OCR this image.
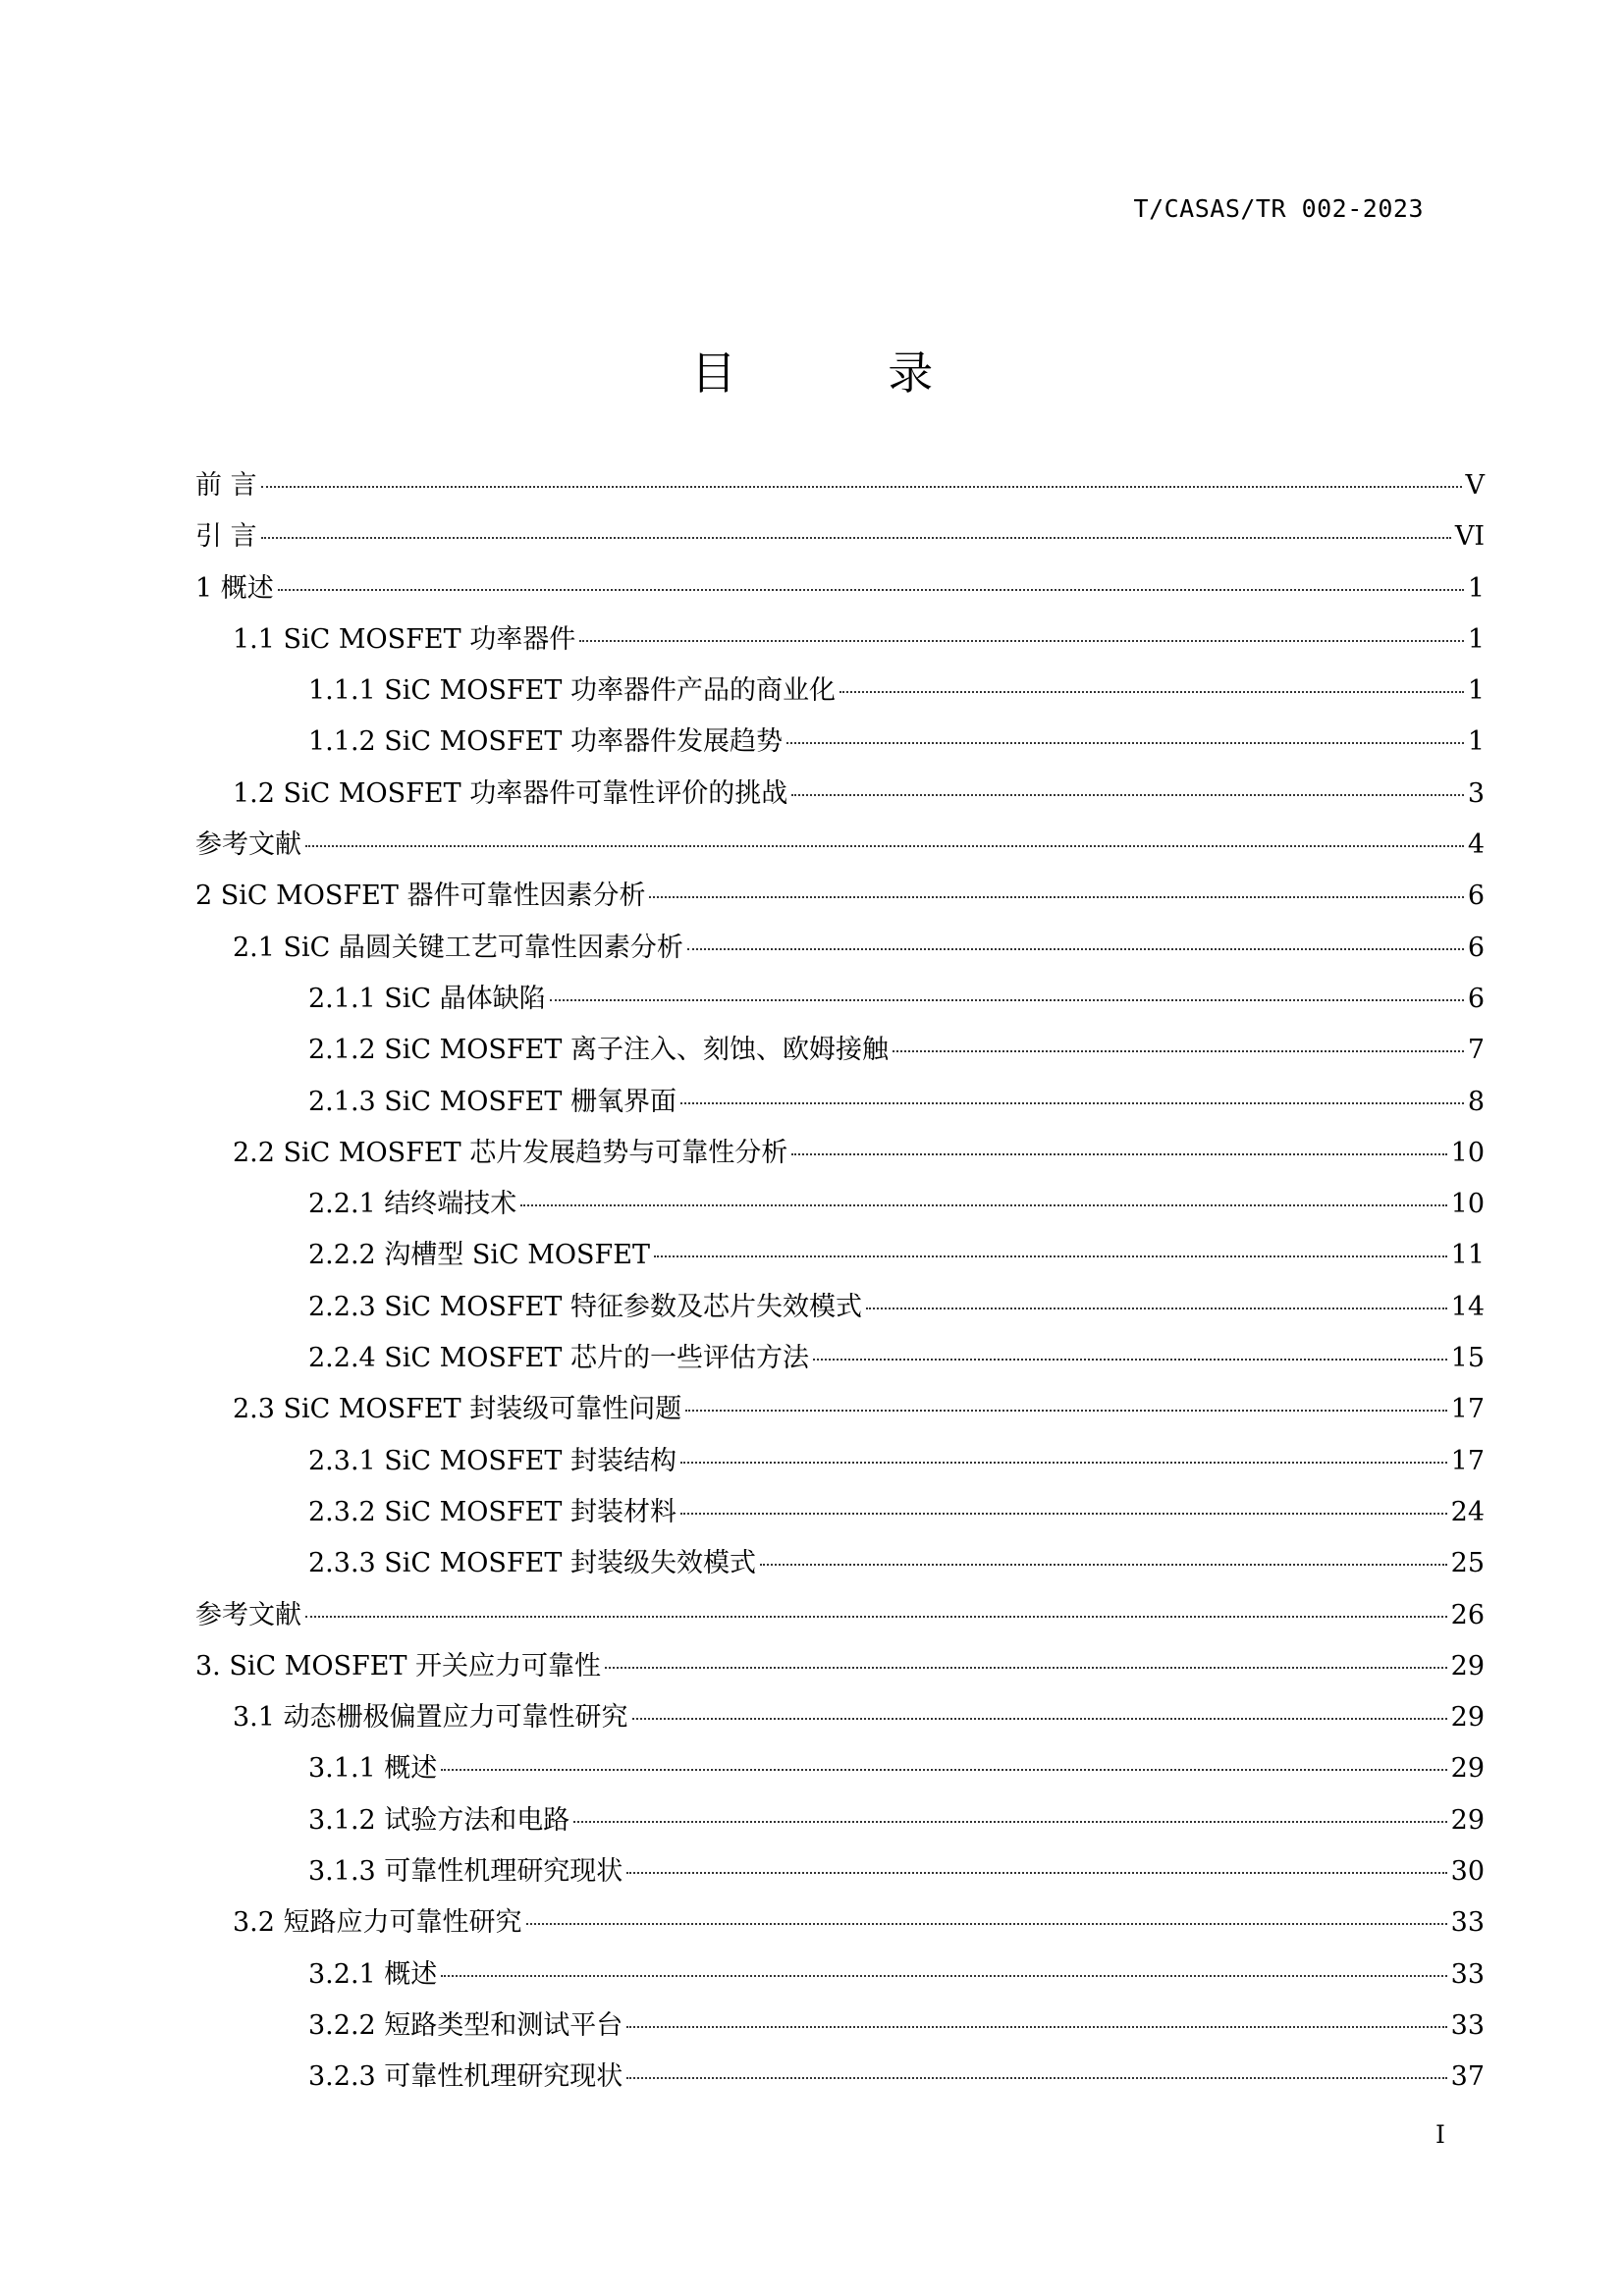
T/CASAS/TR 002-2023
目 录
前 言	V
引 言	VI
1 概述	1
1.1 SiC MOSFET 功率器件	1
1.1.1 SiC MOSFET 功率器件产品的商业化	1
1.1.2 SiC MOSFET 功率器件发展趋势	1
1.2 SiC MOSFET 功率器件可靠性评价的挑战	3
参考文献	4
2 SiC MOSFET 器件可靠性因素分析	6
2.1 SiC 晶圆关键工艺可靠性因素分析	6
2.1.1 SiC 晶体缺陷	6
2.1.2 SiC MOSFET 离子注入、刻蚀、欧姆接触	7
2.1.3 SiC MOSFET 栅氧界面	8
2.2 SiC MOSFET 芯片发展趋势与可靠性分析	10
2.2.1 结终端技术	10
2.2.2 沟槽型 SiC MOSFET	11
2.2.3 SiC MOSFET 特征参数及芯片失效模式	14
2.2.4 SiC MOSFET 芯片的一些评估方法	15
2.3 SiC MOSFET 封装级可靠性问题	17
2.3.1 SiC MOSFET 封装结构	17
2.3.2 SiC MOSFET 封装材料	24
2.3.3 SiC MOSFET 封装级失效模式	25
参考文献	26
3. SiC MOSFET 开关应力可靠性	29
3.1 动态栅极偏置应力可靠性研究	29
3.1.1 概述	29
3.1.2 试验方法和电路	29
3.1.3 可靠性机理研究现状	30
3.2 短路应力可靠性研究	33
3.2.1 概述	33
3.2.2 短路类型和测试平台	33
3.2.3 可靠性机理研究现状	37
I
